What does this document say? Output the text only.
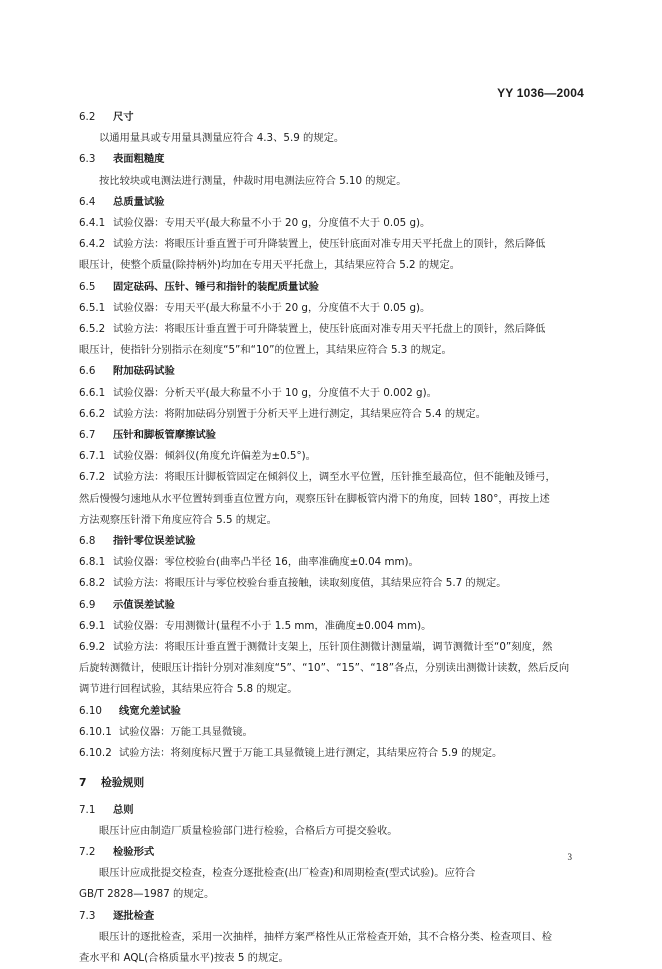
YY 1036—2004
6.2 尺寸
以通用量具或专用量具测量应符合 4.3、5.9 的规定。
6.3 表面粗糙度
按比较块或电测法进行测量，仲裁时用电测法应符合 5.10 的规定。
6.4 总质量试验
6.4.1 试验仪器：专用天平(最大称量不小于 20 g，分度值不大于 0.05 g)。
6.4.2 试验方法：将眼压计垂直置于可升降装置上，使压针底面对准专用天平托盘上的顶针，然后降低
眼压计，使整个质量(除持柄外)均加在专用天平托盘上，其结果应符合 5.2 的规定。
6.5 固定砝码、压针、锤弓和指针的装配质量试验
6.5.1 试验仪器：专用天平(最大称量不小于 20 g，分度值不大于 0.05 g)。
6.5.2 试验方法：将眼压计垂直置于可升降装置上，使压针底面对准专用天平托盘上的顶针，然后降低
眼压计，使指针分别指示在刻度“5”和“10”的位置上，其结果应符合 5.3 的规定。
6.6 附加砝码试验
6.6.1 试验仪器：分析天平(最大称量不小于 10 g，分度值不大于 0.002 g)。
6.6.2 试验方法：将附加砝码分别置于分析天平上进行测定，其结果应符合 5.4 的规定。
6.7 压针和脚板管摩擦试验
6.7.1 试验仪器：倾斜仪(角度允许偏差为±0.5°)。
6.7.2 试验方法：将眼压计脚板管固定在倾斜仪上，调至水平位置，压针推至最高位，但不能触及锤弓，
然后慢慢匀速地从水平位置转到垂直位置方向，观察压针在脚板管内滑下的角度，回转 180°，再按上述
方法观察压针滑下角度应符合 5.5 的规定。
6.8 指针零位误差试验
6.8.1 试验仪器：零位校验台(曲率凸半径 16，曲率准确度±0.04 mm)。
6.8.2 试验方法：将眼压计与零位校验台垂直接触，读取刻度值，其结果应符合 5.7 的规定。
6.9 示值误差试验
6.9.1 试验仪器：专用测微计(量程不小于 1.5 mm，准确度±0.004 mm)。
6.9.2 试验方法：将眼压计垂直置于测微计支架上，压针顶住测微计测量端，调节测微计至“0”刻度，然
后旋转测微计，使眼压计指针分别对准刻度“5”、“10”、“15”、“18”各点，分别读出测微计读数，然后反向
调节进行回程试验，其结果应符合 5.8 的规定。
6.10 线宽允差试验
6.10.1 试验仪器：万能工具显微镜。
6.10.2 试验方法：将刻度标尺置于万能工具显微镜上进行测定，其结果应符合 5.9 的规定。
7 检验规则
7.1 总则
眼压计应由制造厂质量检验部门进行检验，合格后方可提交验收。
7.2 检验形式
眼压计应成批提交检查，检查分逐批检查(出厂检查)和周期检查(型式试验)。应符合
GB/T 2828—1987 的规定。
7.3 逐批检查
眼压计的逐批检查，采用一次抽样，抽样方案严格性从正常检查开始，其不合格分类、检查项目、检
查水平和 AQL(合格质量水平)按表 5 的规定。
3
